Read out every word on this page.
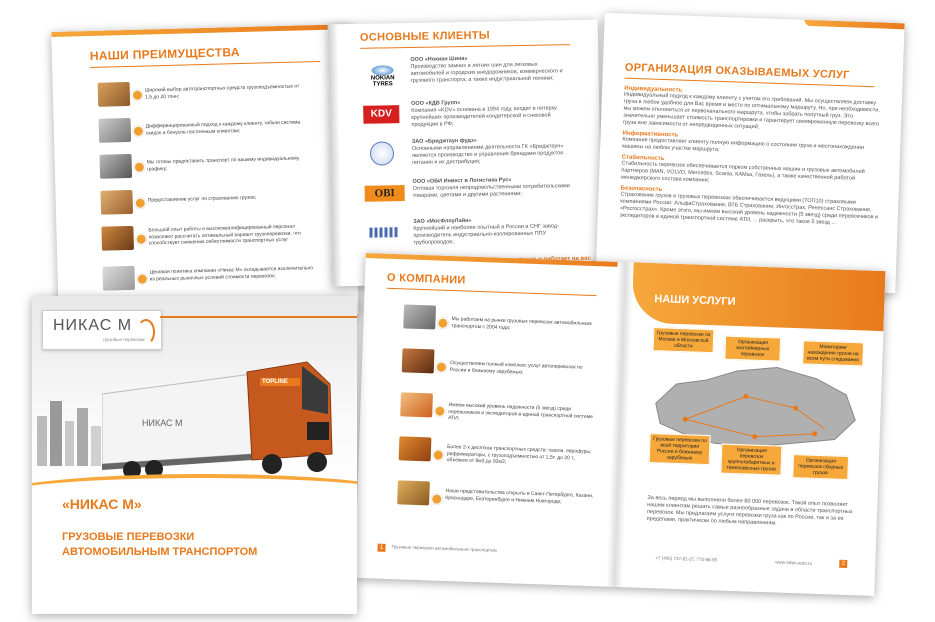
НАШИ ПРЕИМУЩЕСТВА
Широкий выбор автотранспортных средств грузоподъемностью от 1,5 до 20 тонн;
Дифференцированный подход к каждому клиенту, гибкая система скидок и бонусов постоянным клиентам;
Мы готовы предоставить транспорт по вашему индивидуальному графику;
Предоставление услуг по страхованию грузов;
Большой опыт работы и высококвалифицированный персонал позволяют рассчитать оптимальный вариант грузоперевозки, что способствует снижению себестоимости транспортных услуг
Ценовая политика компании «Никас М» складывается исключительно из реальных рыночных условий стоимости перевозок;
ОСНОВНЫЕ КЛИЕНТЫ
NOKIAN TYRES
ООО «Нокиан Шина»
Производство зимних и летних шин для легковых автомобилей и городских внедорожников, коммерческого и грузового транспорта, а также индустриальной техники;
KDV
ООО «КДВ Групп»
Компания «KDV» основана в 1994 году, входит в пятерку крупнейших производителей кондитерской и снековой продукции в РФ;
ЗАО «Бриджтаун фудз»
Основными направлениями деятельности ГК «Бриджтаун» являются производство и управление брендами продуктов питания и их дистрибуция;
OBI
ООО «ОБИ Инвест в Логистика Рус»
Оптовая торговля непродовольственными потребительскими товарами, цветами и другими растениями;
ЗАО «МосФлоуЛайн»
Крупнейший и наиболее опытный в России и СНГ завод-производитель индустриально-изолированных ППУ трубопроводов;
ОРГАНИЗАЦИЯ ОКАЗЫВАЕМЫХ УСЛУГ
Индивидуальность
Индивидуальный подход к каждому клиенту с учетом его требований. Мы осуществляем доставку груза в любое удобное для Вас время и место по оптимальному маршруту. Но, при необходимости, мы можем отклониться от первоначального маршрута, чтобы забрать попутный груз. Это значительно уменьшает стоимость транспортировки и гарантирует своевременную перевозку всего груза вне зависимости от непредвиденных ситуаций;
Информативность
Компания предоставляет клиенту полную информацию о состоянии груза и местонахождении машины на любом участке маршрута;
Стабильность
Стабильность перевозок обеспечивается парком собственных машин и грузовых автомобилей партнеров (MAN, VOLVO, Mercedes, Scania, КАМаз, Газель), а также качественной работой менеджерского состава компании;
Безопасность
Страхование грузов в грузовых перевозках обеспечивается ведущими (ТОП10) страховыми компаниями России: АльфаСтрахование, ВТБ Страхование, Ингосстрах, Ренессанс Страхование, «Росгосстрах». Кроме этого, мы имеем высокий уровень надежности (5 звезд) среди перевозчиков и экспедиторов в единой транспортной системе АТИ, ... раскрыть, что такое 5 звезд ...
О КОМПАНИИ
Мы работаем на рынке грузовых перевозок автомобильным транспортом с 2004 года;
Осуществляем полный комплекс услуг автоперевозок по России и ближнему зарубежью;
Имеем высокий уровень надежности (5 звезд) среди перевозчиков и экспедиторов в единой транспортной системе АТИ;
Более 2-х десятков транспортных средств: газели, еврофуры, рефрижераторы, с грузоподъемностью от 1,5т. до 20 т., объемом от 8м3 до 92м3;
Наши представительства открыты в Санкт-Петербурге, Казани, Краснодаре, Екатеринбурге и Нижнем Новгороде;
1	Грузовые перевозки автомобильным транспортом
НАШИ УСЛУГИ
Грузовые перевозки по Москве и Московской области
Организация контейнерных перевозок
Мониторинг нахождения грузов на всем пути следования
Грузовые перевозки по всей территории России и ближнему зарубежью
Организация перевозок крупногабаритных и тяжеловесных грузов
Организация перевозок сборных грузов
За весь период мы выполнили более 80 000 перевозок. Такой опыт позволяет нашим клиентам решать самые разнообразные задачи в области транспортных перевозок. Мы предлагаем услуги перевозки груза как по России, так и за ее пределами, практически по любым направлениям.
+7 (495) 737-81-27, 775-88-95
www.nikas-auto.ru	2
НИКАС М
грузовые перевозки
TOPLINE
НИКАС М
«НИКАС М»
ГРУЗОВЫЕ ПЕРЕВОЗКИ
АВТОМОБИЛЬНЫМ ТРАНСПОРТОМ
